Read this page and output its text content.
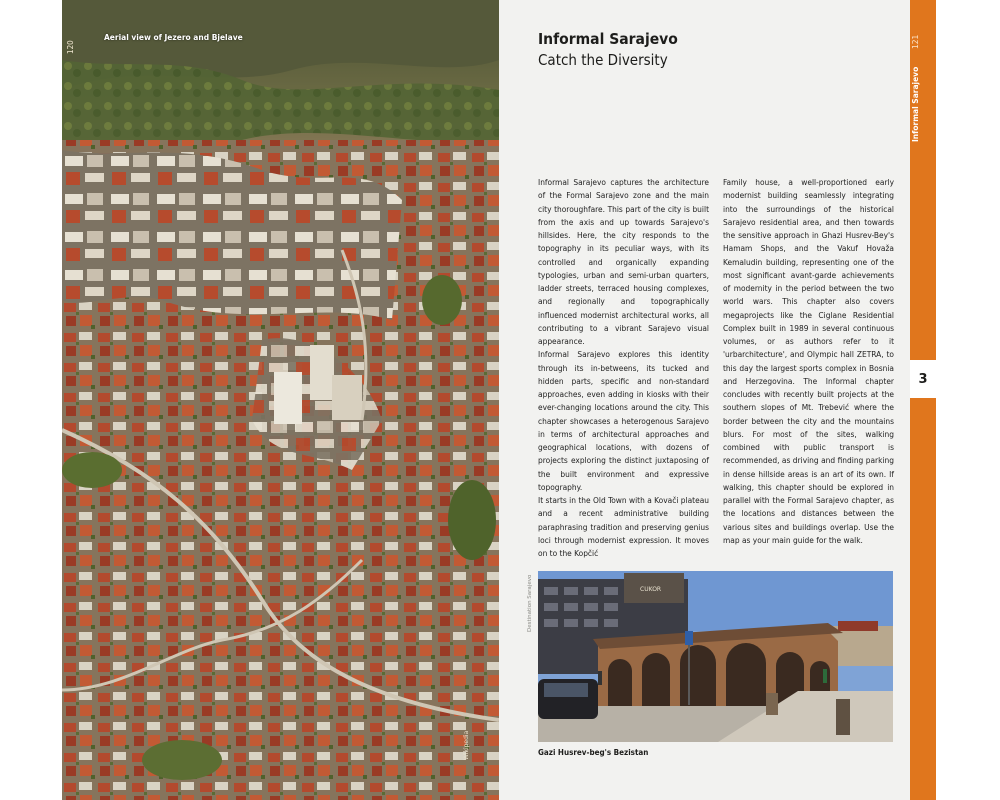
120
Aerial view of Jezero and Bjelave
Wikipedia
Informal Sarajevo
Catch the Diversity

Informal Sarajevo captures the architecture of the Formal Sarajevo zone and the main city thoroughfare. This part of the city is built from the axis and up towards Sarajevo's hillsides. Here, the city responds to the topography in its peculiar ways, with its controlled and organically expanding typologies, urban and semi-urban quarters, ladder streets, terraced housing complexes, and regionally and topographically influenced modernist architectural works, all contributing to a vibrant Sarajevo visual appearance.

Informal Sarajevo explores this identity through its in-betweens, its tucked and hidden parts, specific and non-standard approaches, even adding in kiosks with their ever-changing locations around the city. This chapter showcases a heterogenous Sarajevo in terms of architectural approaches and geographical locations, with dozens of projects exploring the distinct juxtaposing of the built environment and expressive topography.

It starts in the Old Town with a Kovači plateau and a recent administrative building paraphrasing tradition and preserving genius loci through modernist expression. It moves on to the Kopčić

Family house, a well-proportioned early modernist building seamlessly integrating into the surroundings of the historical Sarajevo residential area, and then towards the sensitive approach in Ghazi Husrev-Bey's Hamam Shops, and the Vakuf Hovaža Kemaludin building, representing one of the most significant avant-garde achievements of modernity in the period between the two world wars. This chapter also covers megaprojects like the Ciglane Residential Complex built in 1989 in several continuous volumes, or as authors refer to it 'urbarchitecture', and Olympic hall ZETRA, to this day the largest sports complex in Bosnia and Herzegovina. The Informal chapter concludes with recently built projects at the southern slopes of Mt. Trebević where the border between the city and the mountains blurs. For most of the sites, walking combined with public transport is recommended, as driving and finding parking in dense hillside areas is an art of its own. If walking, this chapter should be explored in parallel with the Formal Sarajevo chapter, as the locations and distances between the various sites and buildings overlap. Use the map as your main guide for the walk.

Destination Sarajevo	CUKOR
Gazi Husrev-beg's Bezistan
121
Informal Sarajevo
3
